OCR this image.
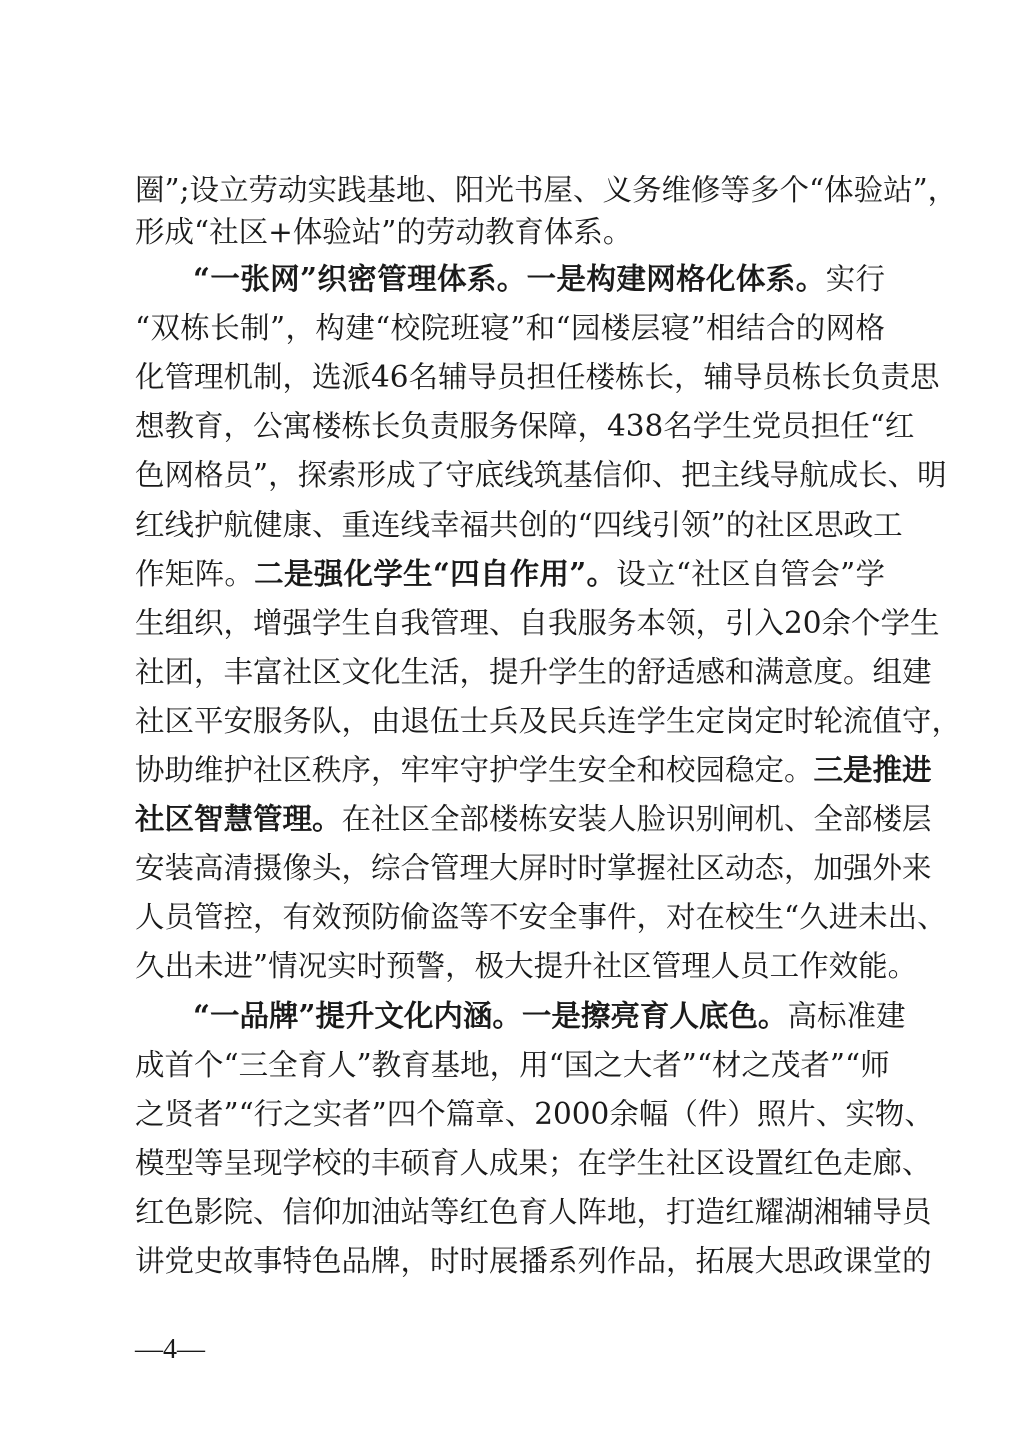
圈”;设立劳动实践基地、阳光书屋、义务维修等多个“体验站”，
形成“社区+体验站”的劳动教育体系。
“一张网”织密管理体系。一是构建网格化体系。实行
“双栋长制”，构建“校院班寝”和“园楼层寝”相结合的网格
化管理机制，选派46名辅导员担任楼栋长，辅导员栋长负责思
想教育，公寓楼栋长负责服务保障，438名学生党员担任“红
色网格员”，探索形成了守底线筑基信仰、把主线导航成长、明
红线护航健康、重连线幸福共创的“四线引领”的社区思政工
作矩阵。二是强化学生“四自作用”。设立“社区自管会”学
生组织，增强学生自我管理、自我服务本领，引入20余个学生
社团，丰富社区文化生活，提升学生的舒适感和满意度。组建
社区平安服务队，由退伍士兵及民兵连学生定岗定时轮流值守，
协助维护社区秩序，牢牢守护学生安全和校园稳定。三是推进
社区智慧管理。在社区全部楼栋安装人脸识别闸机、全部楼层
安装高清摄像头，综合管理大屏时时掌握社区动态，加强外来
人员管控，有效预防偷盗等不安全事件，对在校生“久进未出、
久出未进”情况实时预警，极大提升社区管理人员工作效能。
“一品牌”提升文化内涵。一是擦亮育人底色。高标准建
成首个“三全育人”教育基地，用“国之大者”“材之茂者”“师
之贤者”“行之实者”四个篇章、2000余幅（件）照片、实物、
模型等呈现学校的丰硕育人成果；在学生社区设置红色走廊、
红色影院、信仰加油站等红色育人阵地，打造红耀湖湘辅导员
讲党史故事特色品牌，时时展播系列作品，拓展大思政课堂的
—4—
